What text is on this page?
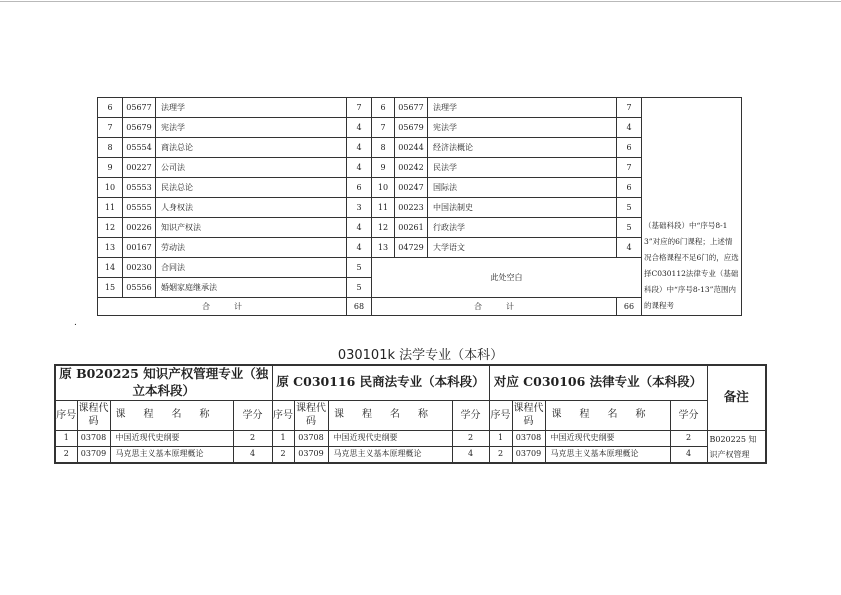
6	05677	法理学	7	6	05677	法理学	7	（基础科段）中“序号8-13”对应的6门课程；上述情况合格课程不足6门的，应选择C030112法律专业（基础科段）中“序号8-13”范围内的课程考
7	05679	宪法学	4	7	05679	宪法学	4	
8	05554	商法总论	4	8	00244	经济法概论	6	
9	00227	公司法	4	9	00242	民法学	7	
10	05553	民法总论	6	10	00247	国际法	6	
11	05555	人身权法	3	11	00223	中国法制史	5	
12	00226	知识产权法	4	12	00261	行政法学	5	
13	00167	劳动法	4	13	04729	大学语文	4	
14	00230	合同法	5	此处空白				
15	05556	婚姻家庭继承法	5					
合　　　计			68	合　　　计			66	
.
030101k 法学专业（本科）
原 B020225 知识产权管理专业（独立本科段）				原 C030116 民商法专业（本科段）				对应 C030106 法律专业（本科段）				备注
序号	课程代码	课程名称	学分	序号	课程代码	课程名称	学分	序号	课程代码	课程名称	学分	
1	03708	中国近现代史纲要	2	1	03708	中国近现代史纲要	2	1	03708	中国近现代史纲要	2	B020225 知识产权管理
2	03709	马克思主义基本原理概论	4	2	03709	马克思主义基本原理概论	4	2	03709	马克思主义基本原理概论	4	
